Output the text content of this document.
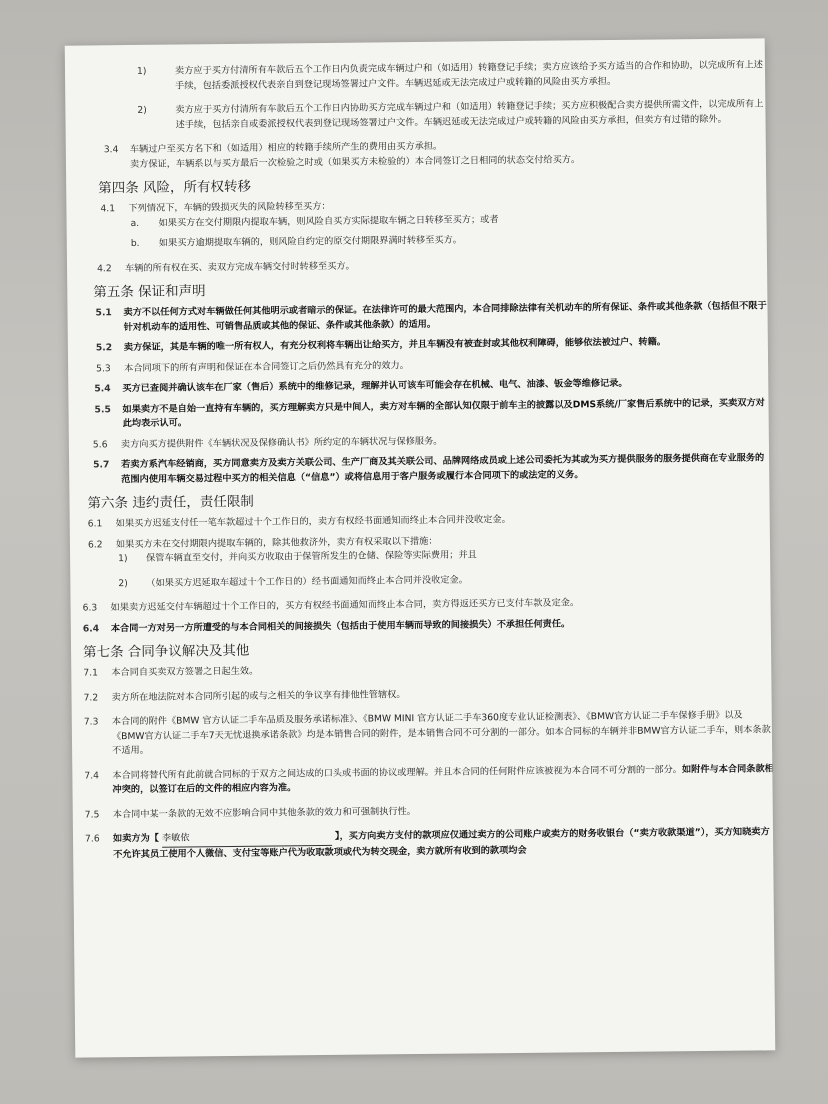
1)	卖方应于买方付清所有车款后五个工作日内负责完成车辆过户和（如适用）转籍登记手续；卖方应该给予买方适当的合作和协助，以完成所有上述手续，包括委派授权代表亲自到登记现场签署过户文件。车辆迟延或无法完成过户或转籍的风险由买方承担。
2)	卖方应于买方付清所有车款后五个工作日内协助买方完成车辆过户和（如适用）转籍登记手续；买方应积极配合卖方提供所需文件，以完成所有上述手续，包括亲自或委派授权代表到登记现场签署过户文件。车辆迟延或无法完成过户或转籍的风险由买方承担，但卖方有过错的除外。
3.4 车辆过户至买方名下和（如适用）相应的转籍手续所产生的费用由买方承担。
卖方保证，车辆系以与买方最后一次检验之时或（如果买方未检验的）本合同签订之日相同的状态交付给买方。
第四条 风险，所有权转移
4.1 下列情况下，车辆的毁损灭失的风险转移至买方：
a. 如果买方在交付期限内提取车辆，则风险自买方实际提取车辆之日转移至买方；或者
b. 如果买方逾期提取车辆的，则风险自约定的原交付期限界满时转移至买方。
4.2 车辆的所有权在买、卖双方完成车辆交付时转移至买方。
第五条 保证和声明
5.1 卖方不以任何方式对车辆做任何其他明示或者暗示的保证。在法律许可的最大范围内，本合同排除法律有关机动车的所有保证、条件或其他条款（包括但不限于针对机动车的适用性、可销售品质或其他的保证、条件或其他条款）的适用。
5.2 卖方保证，其是车辆的唯一所有权人，有充分权利将车辆出让给买方，并且车辆没有被查封或其他权利障碍，能够依法被过户、转籍。
5.3 本合同项下的所有声明和保证在本合同签订之后仍然具有充分的效力。
5.4 买方已查阅并确认该车在厂家（售后）系统中的维修记录，理解并认可该车可能会存在机械、电气、油漆、钣金等维修记录。
5.5 如果卖方不是自始一直持有车辆的，买方理解卖方只是中间人，卖方对车辆的全部认知仅限于前车主的披露以及DMS系统/厂家售后系统中的记录，买卖双方对此均表示认可。
5.6 卖方向买方提供附件《车辆状况及保修确认书》所约定的车辆状况与保修服务。
5.7 若卖方系汽车经销商，买方同意卖方及卖方关联公司、生产厂商及其关联公司、品牌网络成员或上述公司委托为其或为买方提供服务的服务提供商在专业服务的范围内使用车辆交易过程中买方的相关信息（“信息”）或将信息用于客户服务或履行本合同项下的或法定的义务。
第六条 违约责任，责任限制
6.1 如果买方迟延支付任一笔车款超过十个工作日的，卖方有权经书面通知而终止本合同并没收定金。
6.2 如果买方未在交付期限内提取车辆的，除其他救济外，卖方有权采取以下措施：
1) 保管车辆直至交付，并向买方收取由于保管所发生的仓储、保险等实际费用；并且
2) （如果买方迟延取车超过十个工作日的）经书面通知而终止本合同并没收定金。
6.3 如果卖方迟延交付车辆超过十个工作日的，买方有权经书面通知而终止本合同，卖方得返还买方已支付车款及定金。
6.4 本合同一方对另一方所遭受的与本合同相关的间接损失（包括由于使用车辆而导致的间接损失）不承担任何责任。
第七条 合同争议解决及其他
7.1 本合同自买卖双方签署之日起生效。
7.2 卖方所在地法院对本合同所引起的或与之相关的争议享有排他性管辖权。
7.3 本合同的附件《BMW 官方认证二手车品质及服务承诺标准》、《BMW MINI 官方认证二手车360度专业认证检测表》、《BMW官方认证二手车保修手册》以及《BMW官方认证二手车7天无忧退换承诺条款》均是本销售合同的附件，是本销售合同不可分割的一部分。如本合同标的车辆并非BMW官方认证二手车，则本条款不适用。
7.4 本合同将替代所有此前就合同标的于双方之间达成的口头或书面的协议或理解。并且本合同的任何附件应该被视为本合同不可分割的一部分。如附件与本合同条款相冲突的，以签订在后的文件的相应内容为准。
7.5 本合同中某一条款的无效不应影响合同中其他条款的效力和可强制执行性。
7.6 如卖方为【 李敏依	】，买方向卖方支付的款项应仅通过卖方的公司账户或卖方的财务收银台（“卖方收款渠道”），买方知晓卖方不允许其员工使用个人微信、支付宝等账户代为收取款项或代为转交现金，卖方就所有收到的款项均会
